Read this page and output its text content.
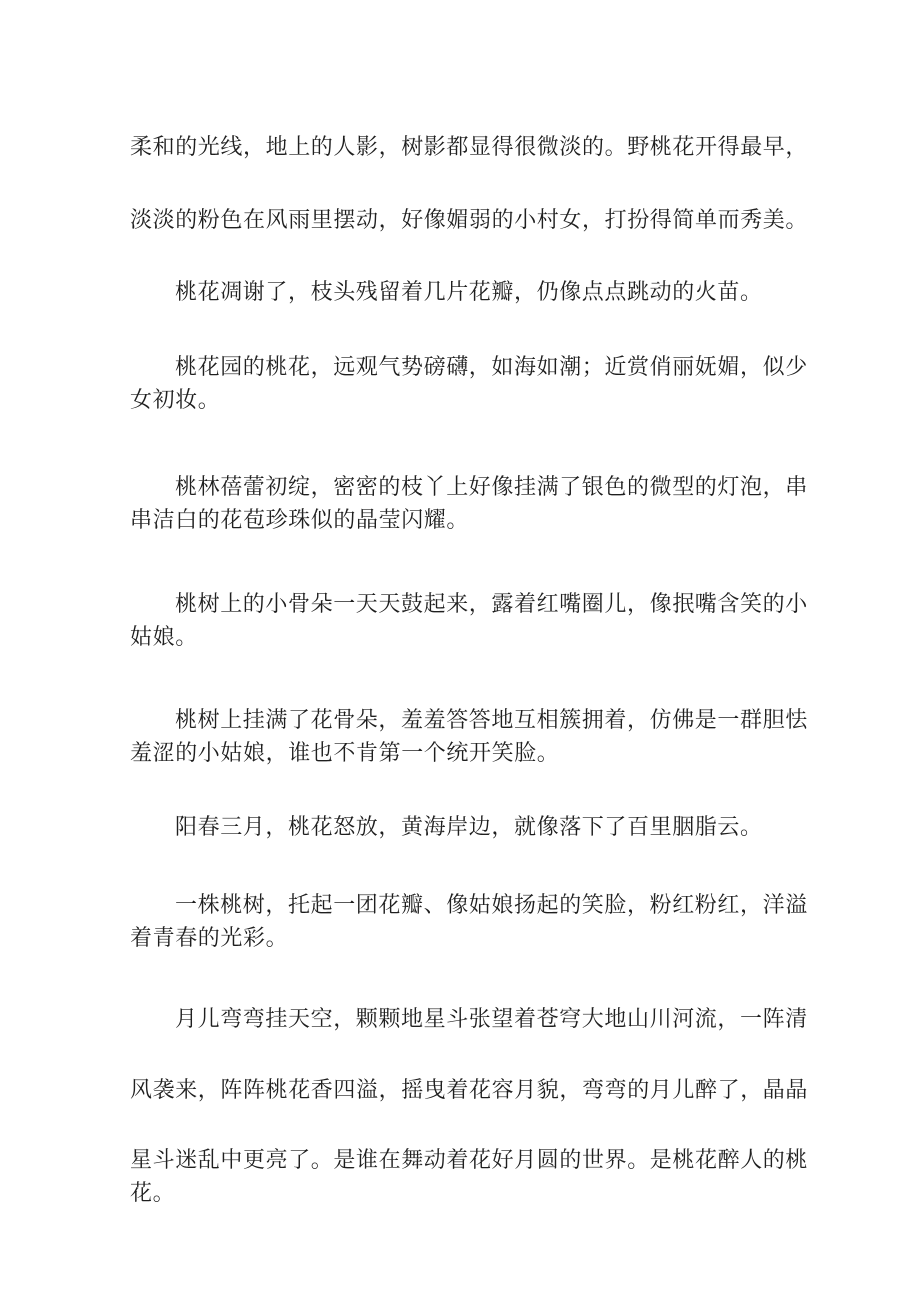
柔和的光线，地上的人影，树影都显得很微淡的。野桃花开得最早，
淡淡的粉色在风雨里摆动，好像媚弱的小村女，打扮得简单而秀美。
桃花凋谢了，枝头残留着几片花瓣，仍像点点跳动的火苗。
桃花园的桃花，远观气势磅礴，如海如潮；近赏俏丽妩媚，似少
女初妆。
桃林蓓蕾初绽，密密的枝丫上好像挂满了银色的微型的灯泡，串
串洁白的花苞珍珠似的晶莹闪耀。
桃树上的小骨朵一天天鼓起来，露着红嘴圈儿，像抿嘴含笑的小
姑娘。
桃树上挂满了花骨朵，羞羞答答地互相簇拥着，仿佛是一群胆怯
羞涩的小姑娘，谁也不肯第一个统开笑脸。
阳春三月，桃花怒放，黄海岸边，就像落下了百里胭脂云。
一株桃树，托起一团花瓣、像姑娘扬起的笑脸，粉红粉红，洋溢
着青春的光彩。
月儿弯弯挂天空，颗颗地星斗张望着苍穹大地山川河流，一阵清
风袭来，阵阵桃花香四溢，摇曳着花容月貌，弯弯的月儿醉了，晶晶
星斗迷乱中更亮了。是谁在舞动着花好月圆的世界。是桃花醉人的桃
花。
